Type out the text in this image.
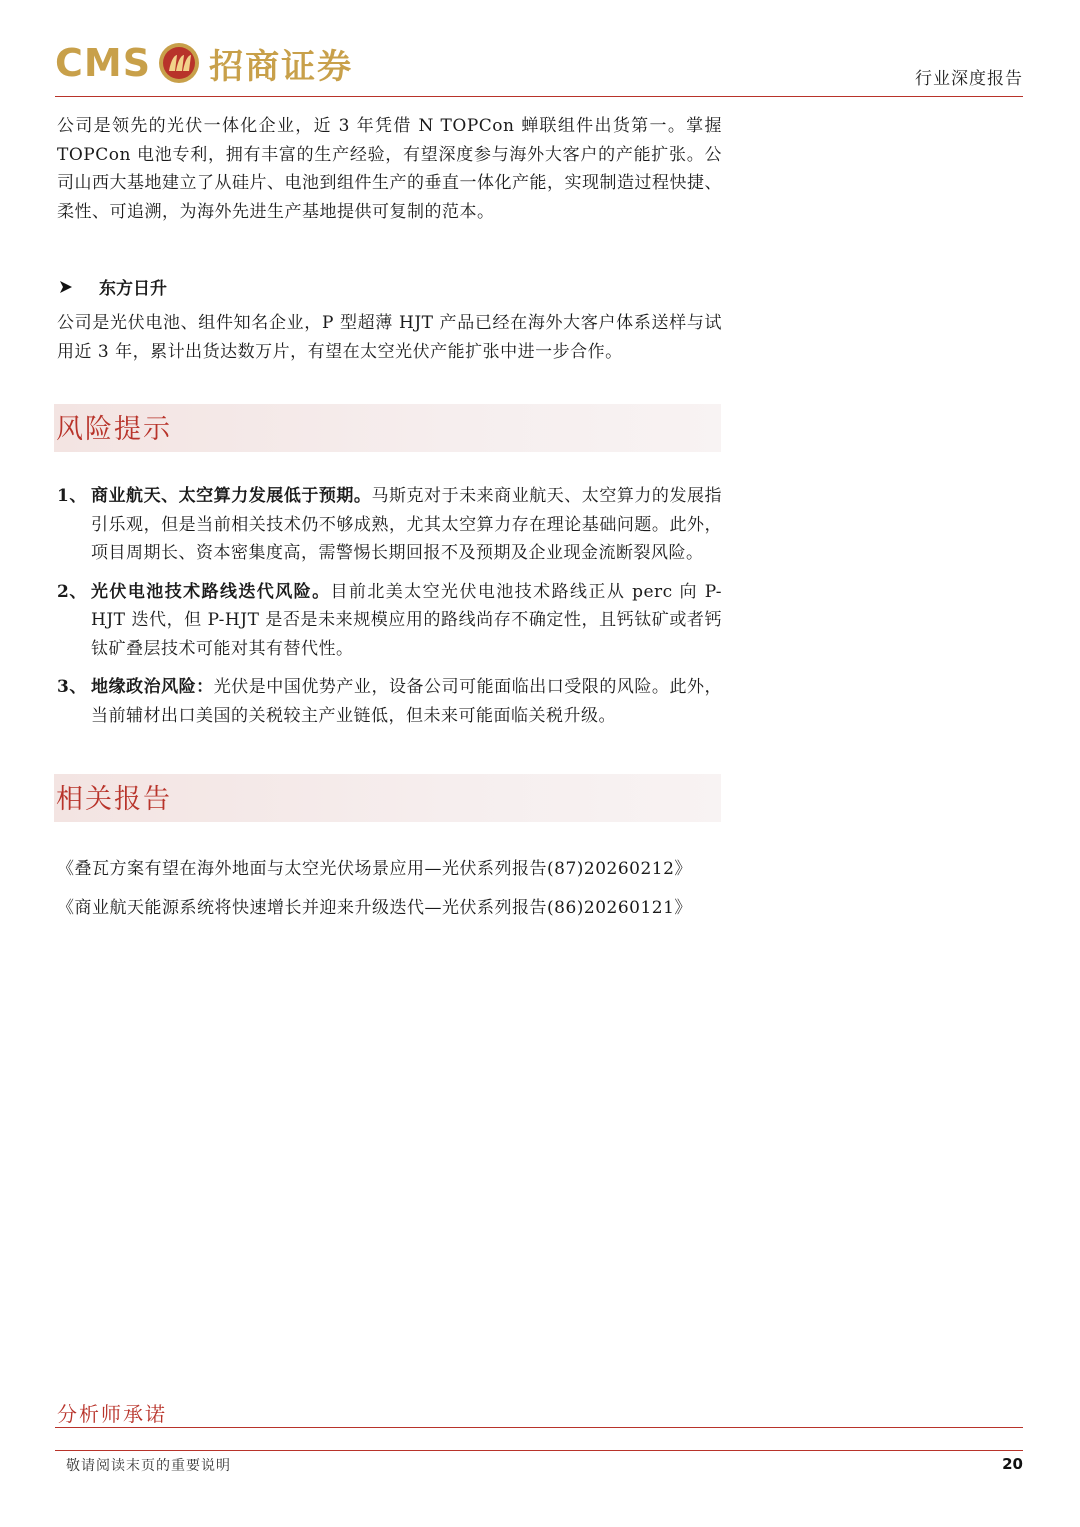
CMS 招商证券	行业深度报告

公司是领先的光伏一体化企业，近 3 年凭借 N TOPCon 蝉联组件出货第一。掌握 TOPCon 电池专利，拥有丰富的生产经验，有望深度参与海外大客户的产能扩张。公司山西大基地建立了从硅片、电池到组件生产的垂直一体化产能，实现制造过程快捷、柔性、可追溯，为海外先进生产基地提供可复制的范本。

东方日升

公司是光伏电池、组件知名企业，P 型超薄 HJT 产品已经在海外大客户体系送样与试用近 3 年，累计出货达数万片，有望在太空光伏产能扩张中进一步合作。

风险提示
1、 商业航天、太空算力发展低于预期。马斯克对于未来商业航天、太空算力的发展指引乐观，但是当前相关技术仍不够成熟，尤其太空算力存在理论基础问题。此外，项目周期长、资本密集度高，需警惕长期回报不及预期及企业现金流断裂风险。
2、 光伏电池技术路线迭代风险。目前北美太空光伏电池技术路线正从 perc 向 P-HJT 迭代，但 P-HJT 是否是未来规模应用的路线尚存不确定性，且钙钛矿或者钙钛矿叠层技术可能对其有替代性。
3、 地缘政治风险：光伏是中国优势产业，设备公司可能面临出口受限的风险。此外，当前辅材出口美国的关税较主产业链低，但未来可能面临关税升级。
相关报告
《叠瓦方案有望在海外地面与太空光伏场景应用—光伏系列报告(87)20260212》
《商业航天能源系统将快速增长并迎来升级迭代—光伏系列报告(86)20260121》
分析师承诺
敬请阅读末页的重要说明	20
